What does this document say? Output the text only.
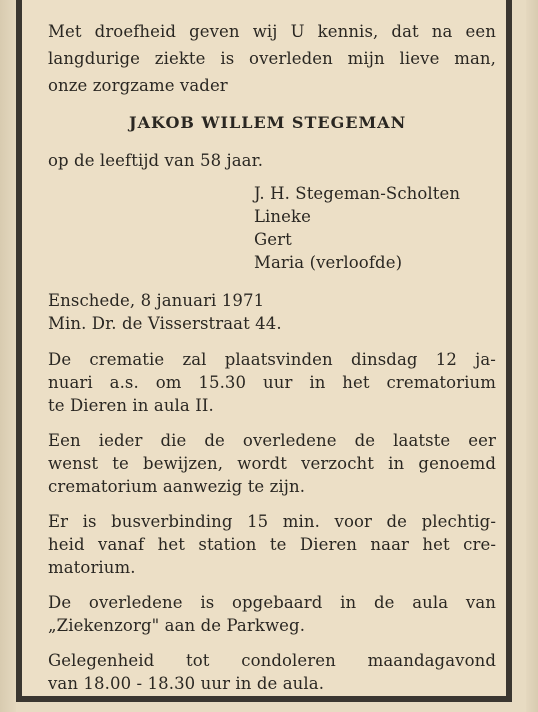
Met droefheid geven wij U kennis, dat na een
langdurige ziekte is overleden mijn lieve man,
onze zorgzame vader
JAKOB WILLEM STEGEMAN
op de leeftijd van 58 jaar.
J. H. Stegeman-Scholten
Lineke
Gert
Maria (verloofde)
Enschede, 8 januari 1971
Min. Dr. de Visserstraat 44.
De crematie zal plaatsvinden dinsdag 12 ja-
nuari a.s. om 15.30 uur in het crematorium
te Dieren in aula II.
Een ieder die de overledene de laatste eer
wenst te bewijzen, wordt verzocht in genoemd
crematorium aanwezig te zijn.
Er is busverbinding 15 min. voor de plechtig-
heid vanaf het station te Dieren naar het cre-
matorium.
De overledene is opgebaard in de aula van
„Ziekenzorg" aan de Parkweg.
Gelegenheid tot condoleren maandagavond
van 18.00 - 18.30 uur in de aula.
